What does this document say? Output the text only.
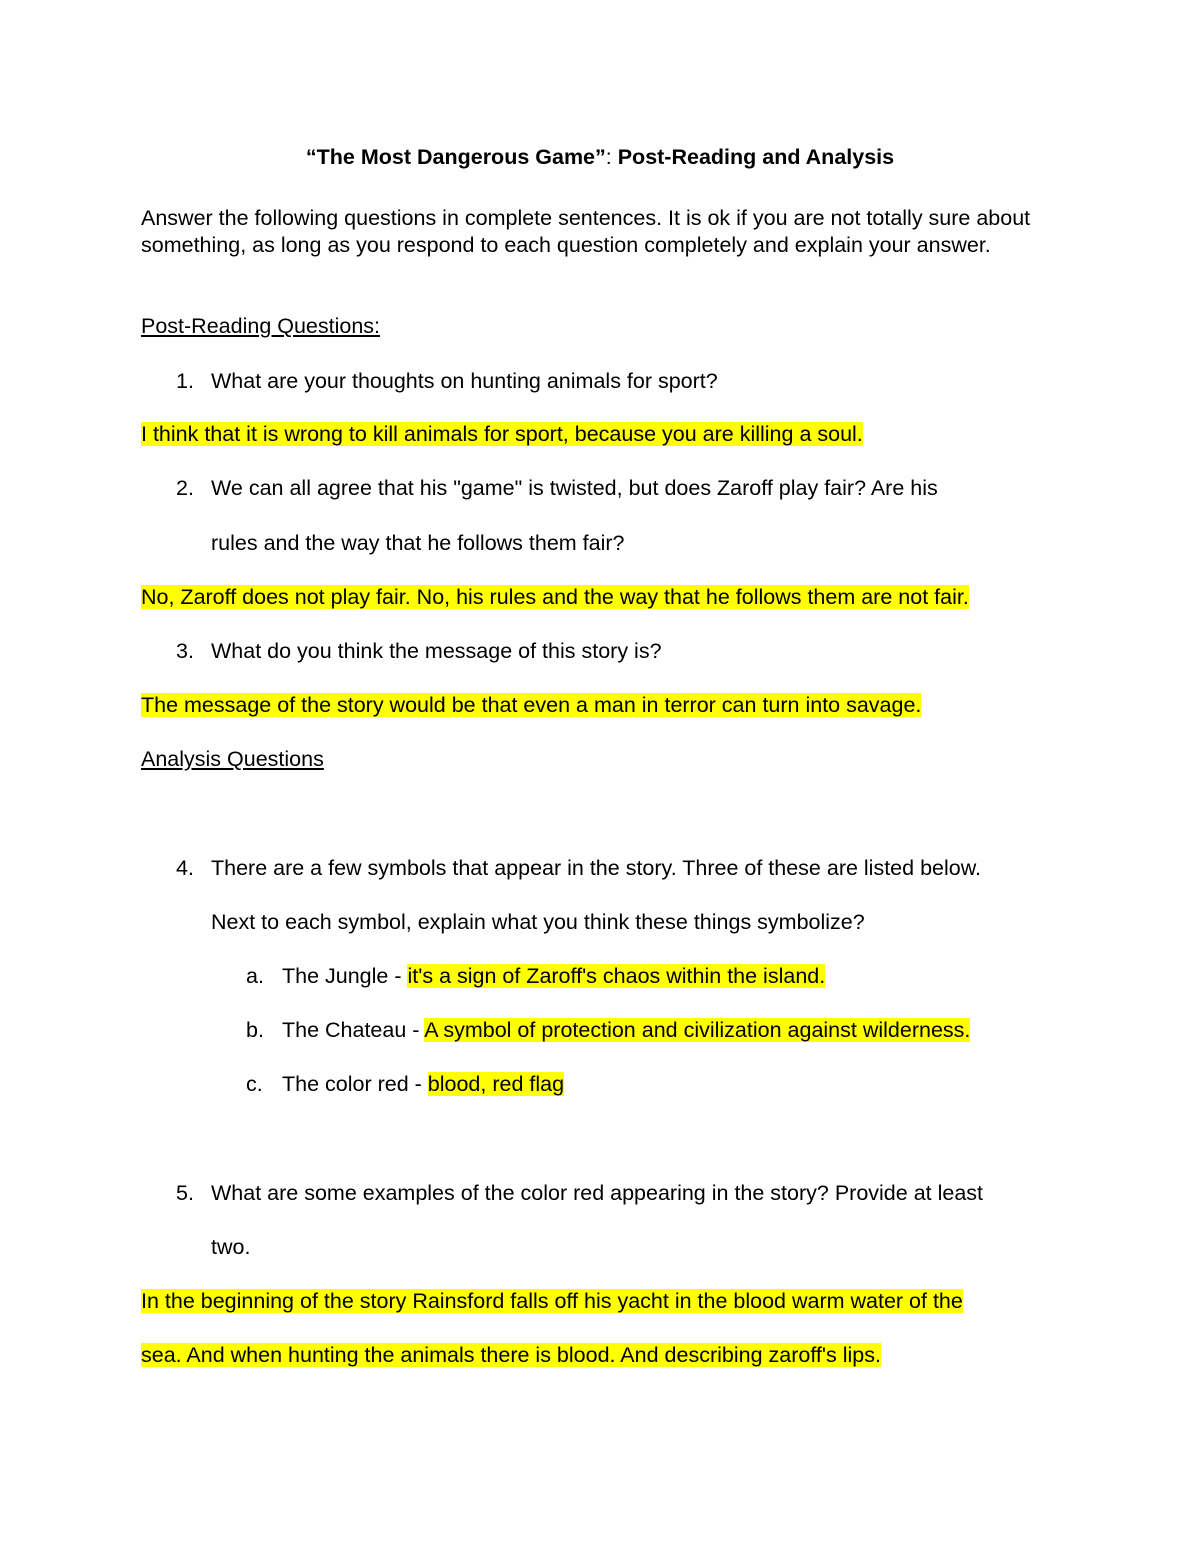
“The Most Dangerous Game”: Post-Reading and Analysis
Answer the following questions in complete sentences. It is ok if you are not totally sure about something, as long as you respond to each question completely and explain your answer.
Post-Reading Questions:
1. What are your thoughts on hunting animals for sport?
I think that it is wrong to kill animals for sport, because you are killing a soul.
2. We can all agree that his "game" is twisted, but does Zaroff play fair? Are his
rules and the way that he follows them fair?
No, Zaroff does not play fair. No, his rules and the way that he follows them are not fair.
3. What do you think the message of this story is?
The message of the story would be that even a man in terror can turn into savage.
Analysis Questions
4. There are a few symbols that appear in the story. Three of these are listed below.
Next to each symbol, explain what you think these things symbolize?
a. The Jungle - it's a sign of Zaroff's chaos within the island.
b. The Chateau - A symbol of protection and civilization against wilderness.
c. The color red - blood, red flag
5. What are some examples of the color red appearing in the story? Provide at least
two.
In the beginning of the story Rainsford falls off his yacht in the blood warm water of the
sea. And when hunting the animals there is blood. And describing zaroff's lips.
